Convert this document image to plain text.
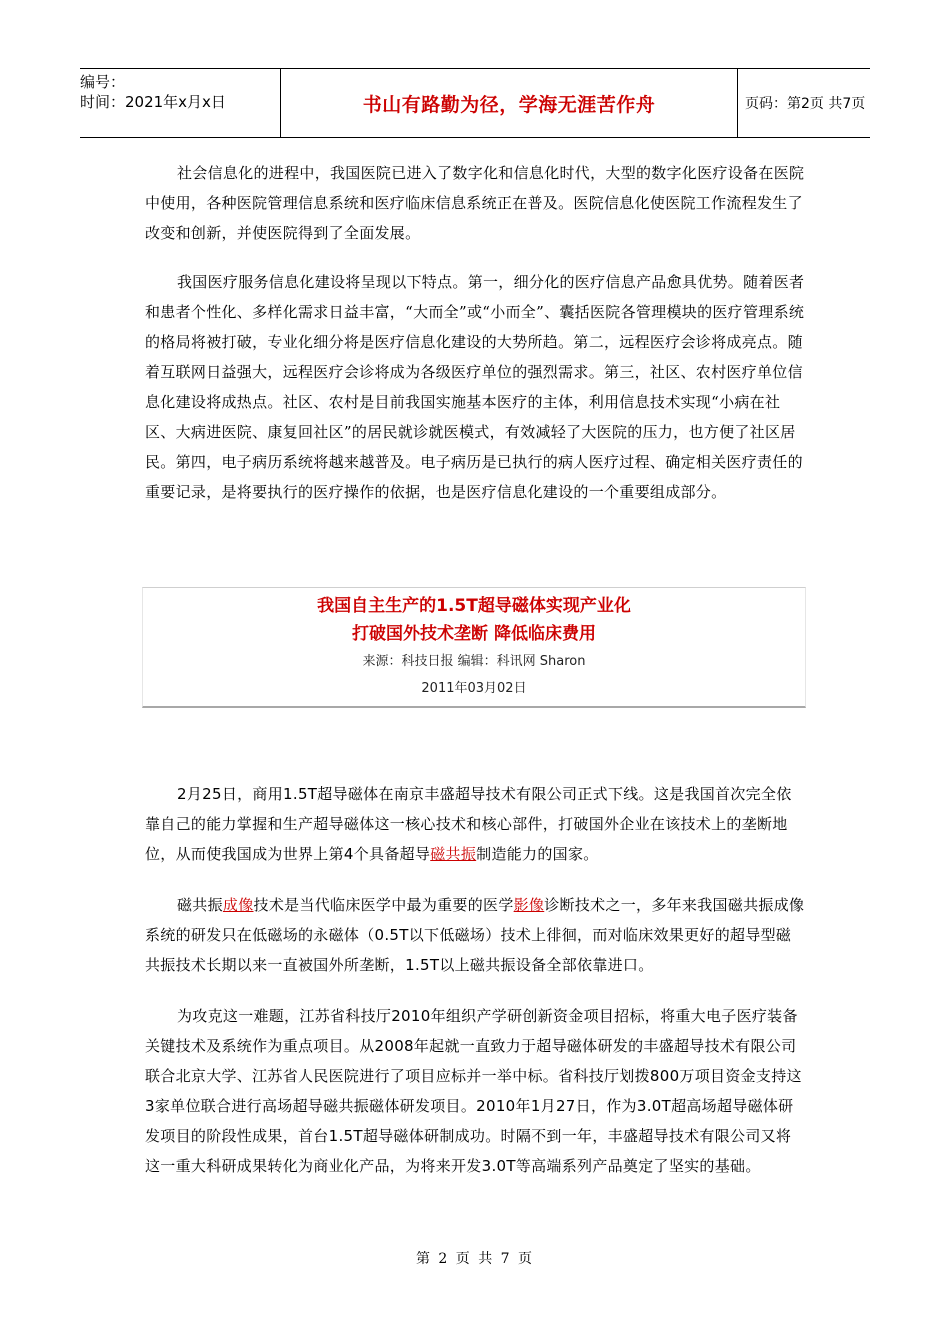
编号：
时间：2021年x月x日	书山有路勤为径，学海无涯苦作舟	页码：第2页 共7页

社会信息化的进程中，我国医院已进入了数字化和信息化时代，大型的数字化医疗设备在医院中使用，各种医院管理信息系统和医疗临床信息系统正在普及。医院信息化使医院工作流程发生了改变和创新，并使医院得到了全面发展。

我国医疗服务信息化建设将呈现以下特点。第一，细分化的医疗信息产品愈具优势。随着医者和患者个性化、多样化需求日益丰富，“大而全”或“小而全”、囊括医院各管理模块的医疗管理系统的格局将被打破，专业化细分将是医疗信息化建设的大势所趋。第二，远程医疗会诊将成亮点。随着互联网日益强大，远程医疗会诊将成为各级医疗单位的强烈需求。第三，社区、农村医疗单位信息化建设将成热点。社区、农村是目前我国实施基本医疗的主体，利用信息技术实现“小病在社区、大病进医院、康复回社区”的居民就诊就医模式，有效减轻了大医院的压力，也方便了社区居民。第四，电子病历系统将越来越普及。电子病历是已执行的病人医疗过程、确定相关医疗责任的重要记录，是将要执行的医疗操作的依据，也是医疗信息化建设的一个重要组成部分。

我国自主生产的1.5T超导磁体实现产业化
打破国外技术垄断 降低临床费用
来源：科技日报 编辑：科讯网 Sharon
2011年03月02日

2月25日，商用1.5T超导磁体在南京丰盛超导技术有限公司正式下线。这是我国首次完全依靠自己的能力掌握和生产超导磁体这一核心技术和核心部件，打破国外企业在该技术上的垄断地位，从而使我国成为世界上第4个具备超导磁共振制造能力的国家。

磁共振成像技术是当代临床医学中最为重要的医学影像诊断技术之一，多年来我国磁共振成像系统的研发只在低磁场的永磁体（0.5T以下低磁场）技术上徘徊，而对临床效果更好的超导型磁共振技术长期以来一直被国外所垄断，1.5T以上磁共振设备全部依靠进口。

为攻克这一难题，江苏省科技厅2010年组织产学研创新资金项目招标，将重大电子医疗装备关键技术及系统作为重点项目。从2008年起就一直致力于超导磁体研发的丰盛超导技术有限公司联合北京大学、江苏省人民医院进行了项目应标并一举中标。省科技厅划拨800万项目资金支持这3家单位联合进行高场超导磁共振磁体研发项目。2010年1月27日，作为3.0T超高场超导磁体研发项目的阶段性成果，首台1.5T超导磁体研制成功。时隔不到一年，丰盛超导技术有限公司又将这一重大科研成果转化为商业化产品，为将来开发3.0T等高端系列产品奠定了坚实的基础。

第 2 页 共 7 页
